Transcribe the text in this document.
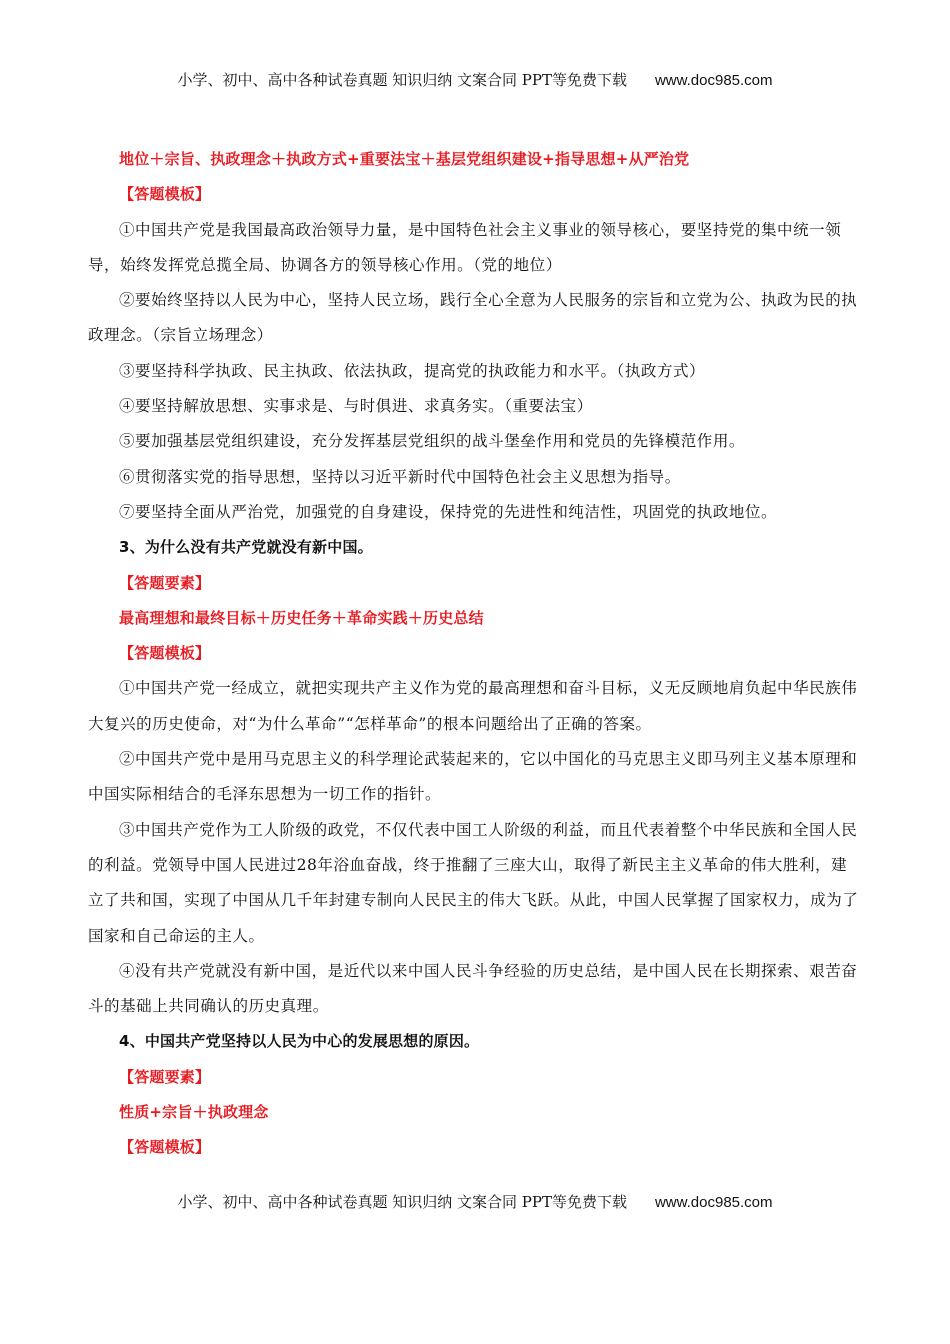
小学、初中、高中各种试卷真题 知识归纳 文案合同 PPT等免费下载 www.doc985.com

地位＋宗旨、执政理念＋执政方式+重要法宝＋基层党组织建设+指导思想+从严治党

【答题模板】

①中国共产党是我国最高政治领导力量，是中国特色社会主义事业的领导核心，要坚持党的集中统一领导，始终发挥党总揽全局、协调各方的领导核心作用。（党的地位）

②要始终坚持以人民为中心，坚持人民立场，践行全心全意为人民服务的宗旨和立党为公、执政为民的执政理念。（宗旨立场理念）

③要坚持科学执政、民主执政、依法执政，提高党的执政能力和水平。（执政方式）

④要坚持解放思想、实事求是、与时俱进、求真务实。（重要法宝）

⑤要加强基层党组织建设，充分发挥基层党组织的战斗堡垒作用和党员的先锋模范作用。

⑥贯彻落实党的指导思想，坚持以习近平新时代中国特色社会主义思想为指导。

⑦要坚持全面从严治党，加强党的自身建设，保持党的先进性和纯洁性，巩固党的执政地位。

3、为什么没有共产党就没有新中国。

【答题要素】

最高理想和最终目标＋历史任务＋革命实践＋历史总结

【答题模板】

①中国共产党一经成立，就把实现共产主义作为党的最高理想和奋斗目标，义无反顾地肩负起中华民族伟大复兴的历史使命，对“为什么革命”“怎样革命”的根本问题给出了正确的答案。

②中国共产党中是用马克思主义的科学理论武装起来的，它以中国化的马克思主义即马列主义基本原理和中国实际相结合的毛泽东思想为一切工作的指针。

③中国共产党作为工人阶级的政党，不仅代表中国工人阶级的利益，而且代表着整个中华民族和全国人民的利益。党领导中国人民进过28年浴血奋战，终于推翻了三座大山，取得了新民主主义革命的伟大胜利，建立了共和国，实现了中国从几千年封建专制向人民民主的伟大飞跃。从此，中国人民掌握了国家权力，成为了国家和自己命运的主人。

④没有共产党就没有新中国，是近代以来中国人民斗争经验的历史总结，是中国人民在长期探索、艰苦奋斗的基础上共同确认的历史真理。

4、中国共产党坚持以人民为中心的发展思想的原因。

【答题要素】

性质+宗旨＋执政理念

【答题模板】

小学、初中、高中各种试卷真题 知识归纳 文案合同 PPT等免费下载 www.doc985.com
